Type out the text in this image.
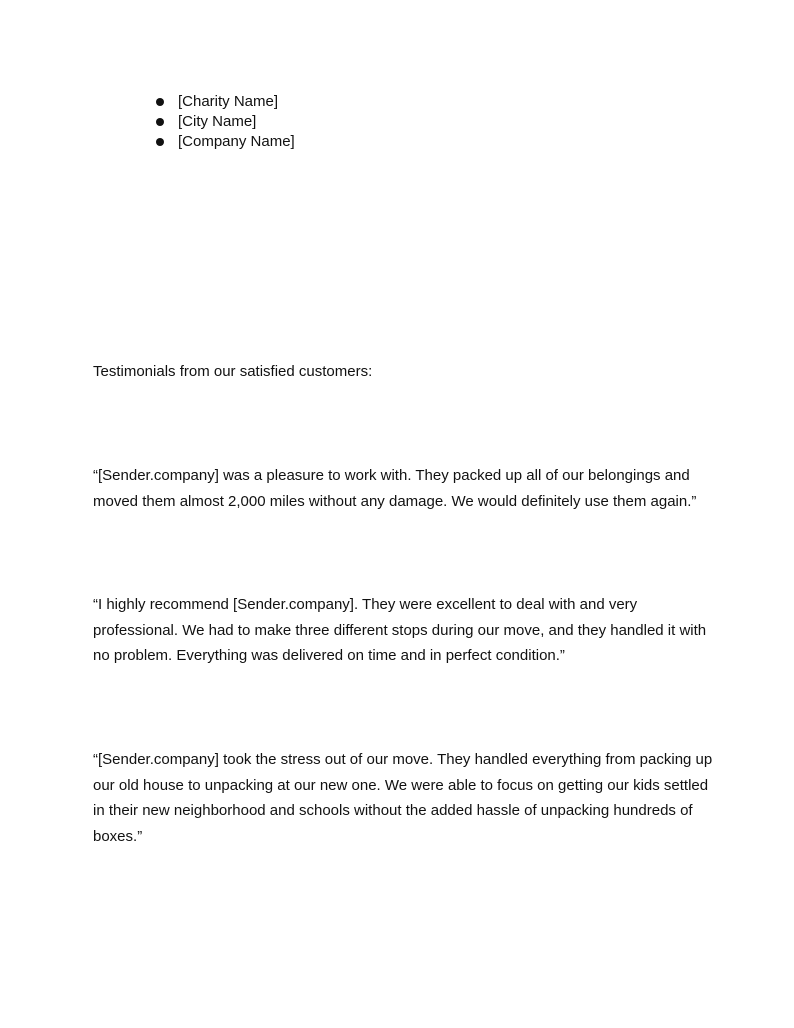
[Charity Name]
[City Name]
[Company Name]

Testimonials from our satisfied customers:

“[Sender.company] was a pleasure to work with. They packed up all of our belongings and moved them almost 2,000 miles without any damage. We would definitely use them again.”

“I highly recommend [Sender.company]. They were excellent to deal with and very professional. We had to make three different stops during our move, and they handled it with no problem. Everything was delivered on time and in perfect condition.”

“[Sender.company] took the stress out of our move. They handled everything from packing up our old house to unpacking at our new one. We were able to focus on getting our kids settled in their new neighborhood and schools without the added hassle of unpacking hundreds of boxes.”
